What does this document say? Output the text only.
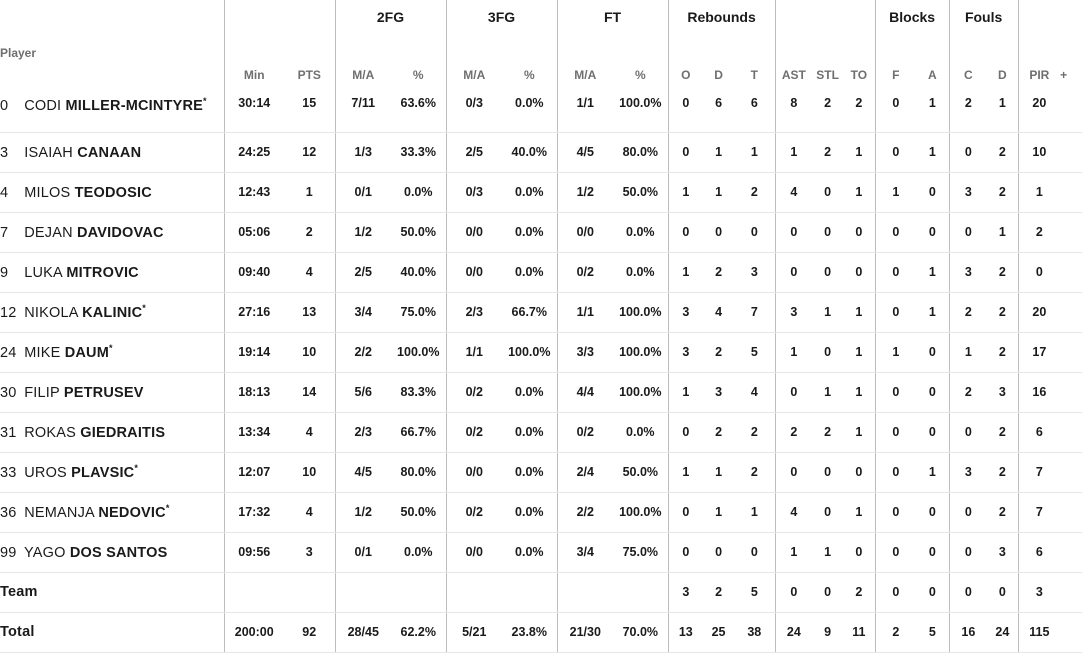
			2FG		3FG		FT		Rebounds						Blocks		Fouls			
Player	Min	PTS	M/A	%	M/A	%	M/A	%	O	D	T	AST	STL	TO	F	A	C	D	PIR	+
0 CODI MILLER-MCINTYRE*	30:14	15	7/11	63.6%	0/3	0.0%	1/1	100.0%	0	6	6	8	2	2	0	1	2	1	20	
3 ISAIAH CANAAN	24:25	12	1/3	33.3%	2/5	40.0%	4/5	80.0%	0	1	1	1	2	1	0	1	0	2	10	
4 MILOS TEODOSIC	12:43	1	0/1	0.0%	0/3	0.0%	1/2	50.0%	1	1	2	4	0	1	1	0	3	2	1	
7 DEJAN DAVIDOVAC	05:06	2	1/2	50.0%	0/0	0.0%	0/0	0.0%	0	0	0	0	0	0	0	0	0	1	2	
9 LUKA MITROVIC	09:40	4	2/5	40.0%	0/0	0.0%	0/2	0.0%	1	2	3	0	0	0	0	1	3	2	0	
12 NIKOLA KALINIC*	27:16	13	3/4	75.0%	2/3	66.7%	1/1	100.0%	3	4	7	3	1	1	0	1	2	2	20	
24 MIKE DAUM*	19:14	10	2/2	100.0%	1/1	100.0%	3/3	100.0%	3	2	5	1	0	1	1	0	1	2	17	
30 FILIP PETRUSEV	18:13	14	5/6	83.3%	0/2	0.0%	4/4	100.0%	1	3	4	0	1	1	0	0	2	3	16	
31 ROKAS GIEDRAITIS	13:34	4	2/3	66.7%	0/2	0.0%	0/2	0.0%	0	2	2	2	2	1	0	0	0	2	6	
33 UROS PLAVSIC*	12:07	10	4/5	80.0%	0/0	0.0%	2/4	50.0%	1	1	2	0	0	0	0	1	3	2	7	
36 NEMANJA NEDOVIC*	17:32	4	1/2	50.0%	0/2	0.0%	2/2	100.0%	0	1	1	4	0	1	0	0	0	2	7	
99 YAGO DOS SANTOS	09:56	3	0/1	0.0%	0/0	0.0%	3/4	75.0%	0	0	0	1	1	0	0	0	0	3	6	
Team									3	2	5	0	0	2	0	0	0	0	3	
Total	200:00	92	28/45	62.2%	5/21	23.8%	21/30	70.0%	13	25	38	24	9	11	2	5	16	24	115	
